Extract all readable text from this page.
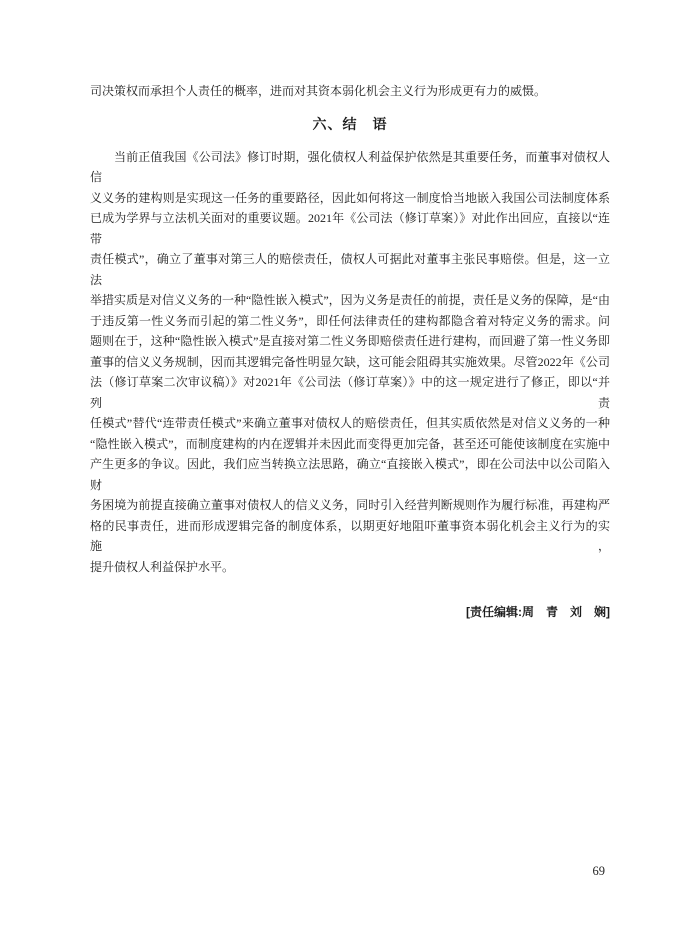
司决策权而承担个人责任的概率，进而对其资本弱化机会主义行为形成更有力的威慑。
六、结　语
当前正值我国《公司法》修订时期，强化债权人利益保护依然是其重要任务，而董事对债权人信
义义务的建构则是实现这一任务的重要路径，因此如何将这一制度恰当地嵌入我国公司法制度体系
已成为学界与立法机关面对的重要议题。2021年《公司法（修订草案）》对此作出回应，直接以“连带
责任模式”，确立了董事对第三人的赔偿责任，债权人可据此对董事主张民事赔偿。但是，这一立法
举措实质是对信义义务的一种“隐性嵌入模式”，因为义务是责任的前提，责任是义务的保障，是“由
于违反第一性义务而引起的第二性义务”，即任何法律责任的建构都隐含着对特定义务的需求。问
题则在于，这种“隐性嵌入模式”是直接对第二性义务即赔偿责任进行建构，而回避了第一性义务即
董事的信义义务规制，因而其逻辑完备性明显欠缺，这可能会阻碍其实施效果。尽管2022年《公司
法（修订草案二次审议稿）》对2021年《公司法（修订草案）》中的这一规定进行了修正，即以“并列责
任模式”替代“连带责任模式”来确立董事对债权人的赔偿责任，但其实质依然是对信义义务的一种
“隐性嵌入模式”，而制度建构的内在逻辑并未因此而变得更加完备，甚至还可能使该制度在实施中
产生更多的争议。因此，我们应当转换立法思路，确立“直接嵌入模式”，即在公司法中以公司陷入财
务困境为前提直接确立董事对债权人的信义义务，同时引入经营判断规则作为履行标准，再建构严
格的民事责任，进而形成逻辑完备的制度体系，以期更好地阻吓董事资本弱化机会主义行为的实施，
提升债权人利益保护水平。
[责任编辑:周　青　刘　娴]
69
